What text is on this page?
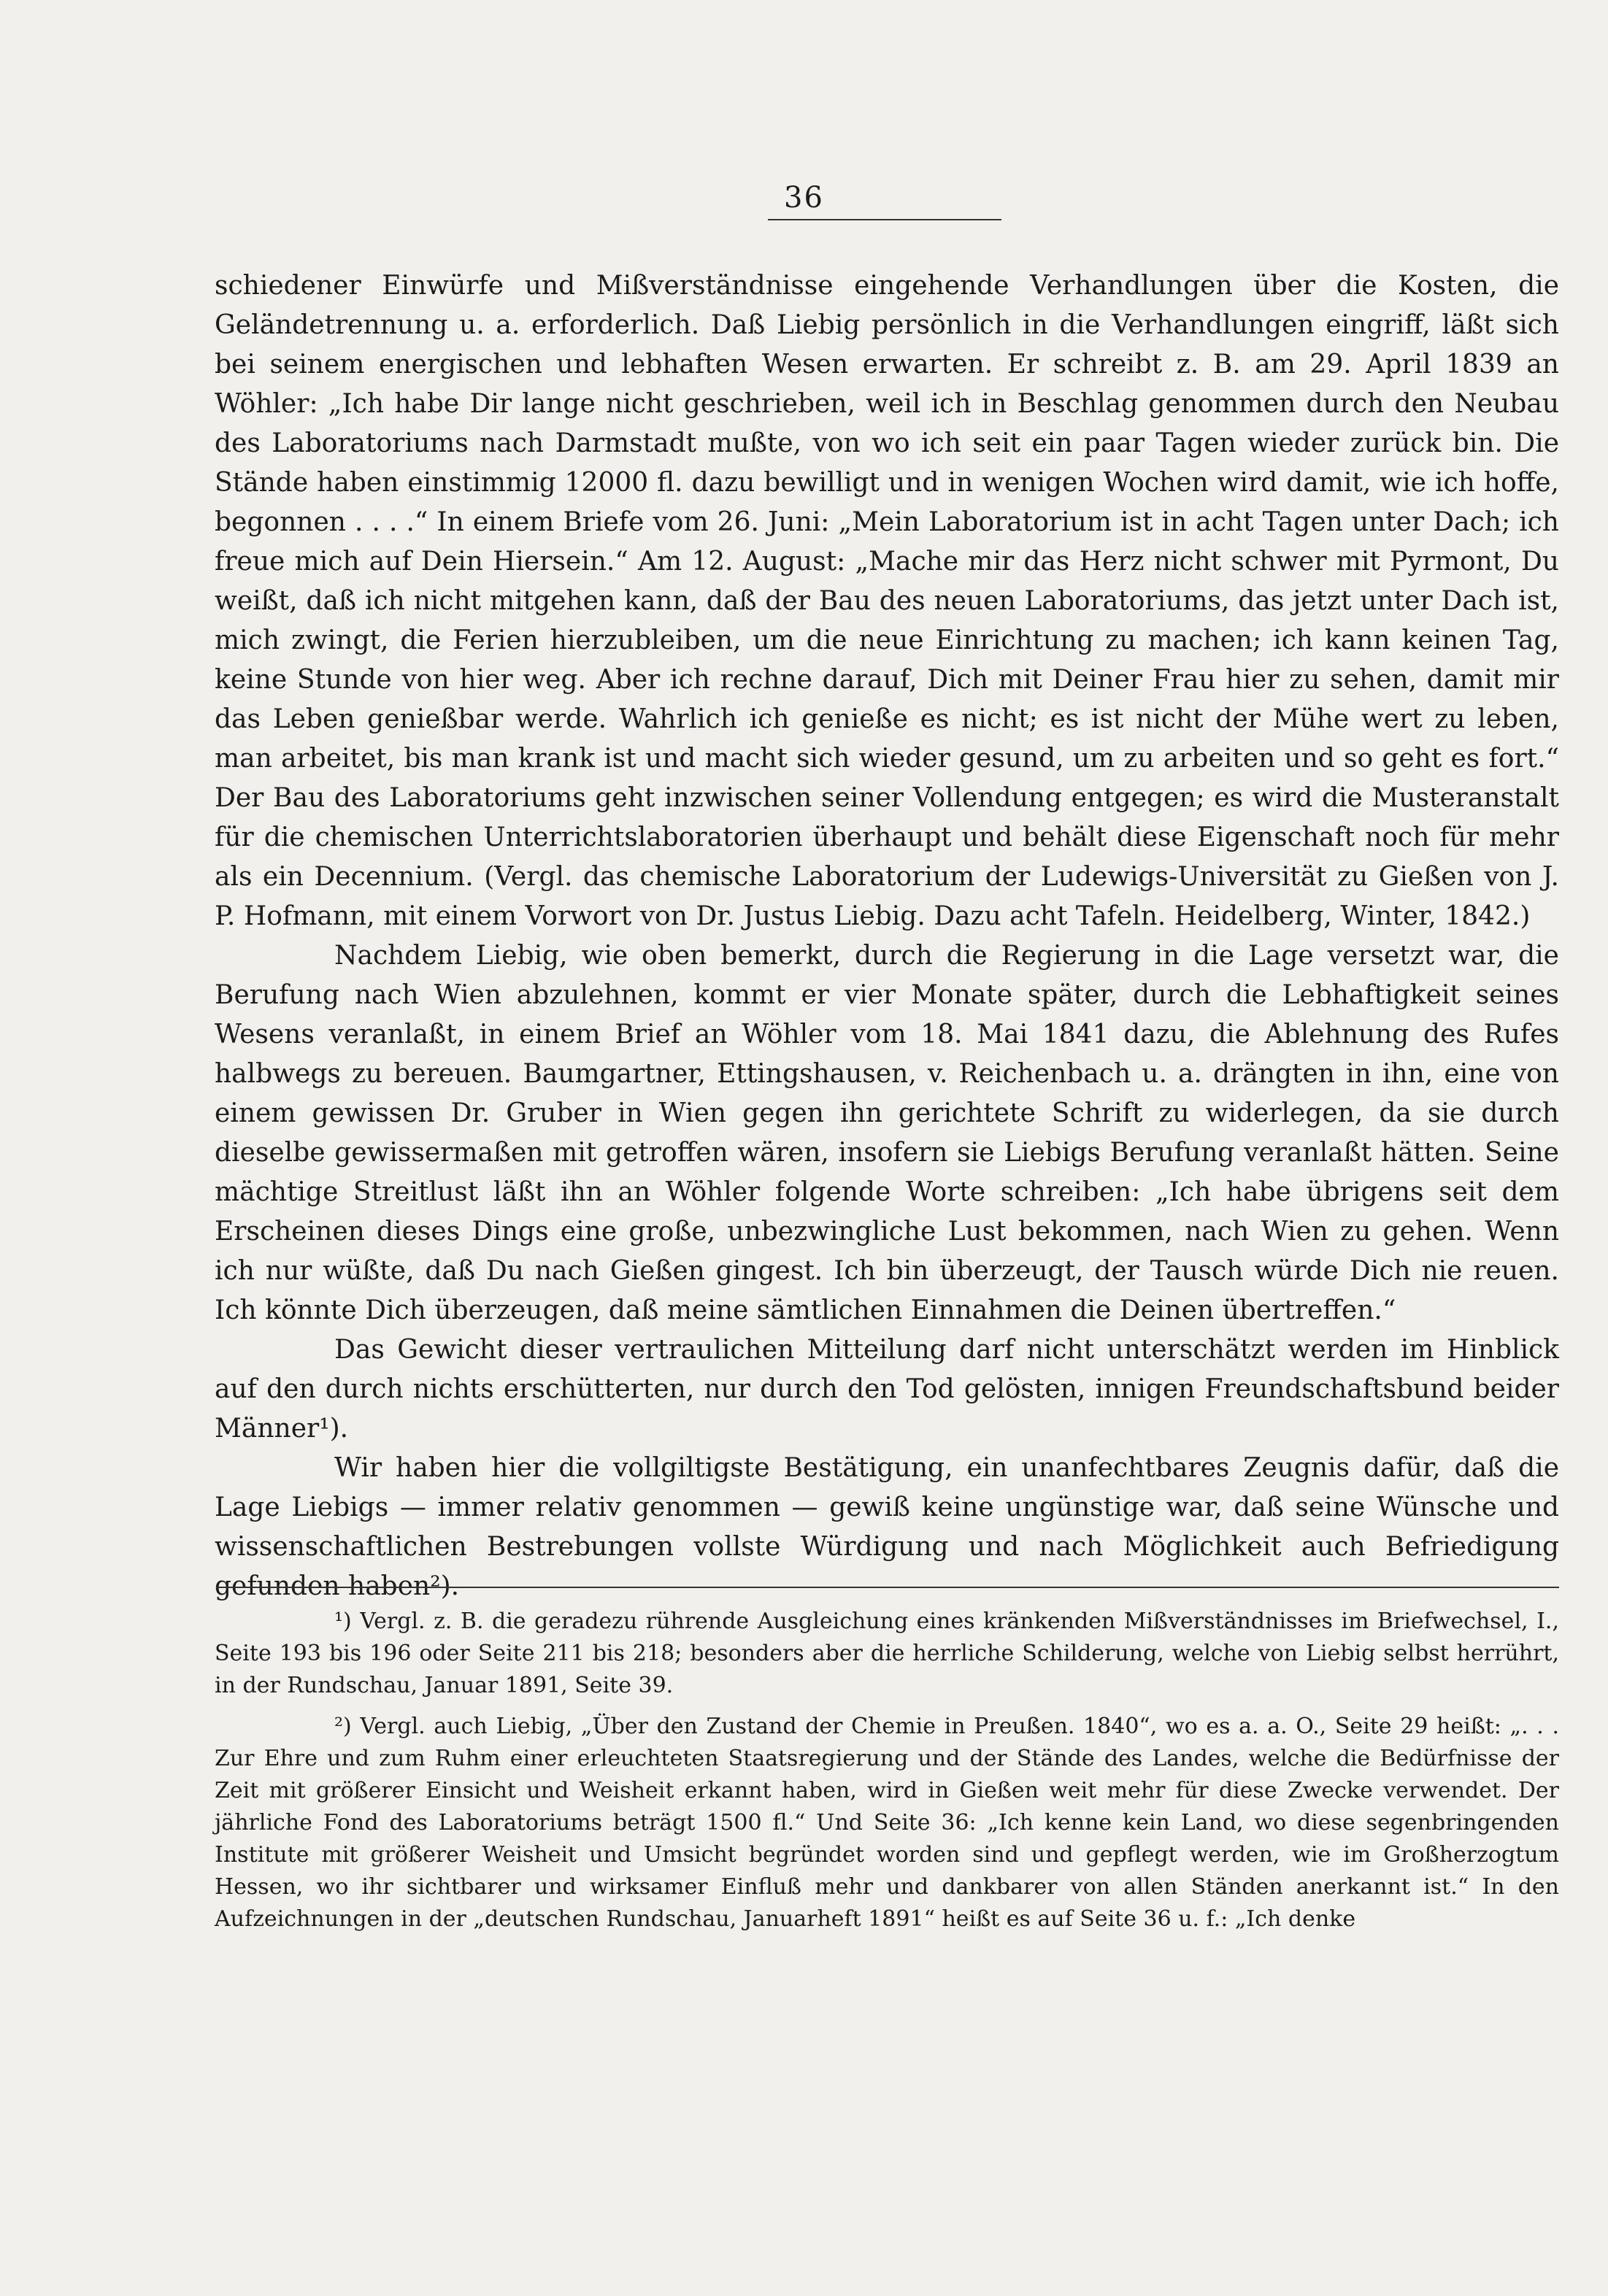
36

schiedener Einwürfe und Mißverständnisse eingehende Verhandlungen über die Kosten, die Geländetrennung u. a. erforderlich. Daß Liebig persönlich in die Verhandlungen eingriff, läßt sich bei seinem energischen und lebhaften Wesen erwarten. Er schreibt z. B. am 29. April 1839 an Wöhler: „Ich habe Dir lange nicht geschrieben, weil ich in Beschlag genommen durch den Neubau des Laboratoriums nach Darmstadt mußte, von wo ich seit ein paar Tagen wieder zurück bin. Die Stände haben einstimmig 12000 fl. dazu bewilligt und in wenigen Wochen wird damit, wie ich hoffe, begonnen . . . .“ In einem Briefe vom 26. Juni: „Mein Laboratorium ist in acht Tagen unter Dach; ich freue mich auf Dein Hiersein.“ Am 12. August: „Mache mir das Herz nicht schwer mit Pyrmont, Du weißt, daß ich nicht mitgehen kann, daß der Bau des neuen Laboratoriums, das jetzt unter Dach ist, mich zwingt, die Ferien hierzubleiben, um die neue Einrichtung zu machen; ich kann keinen Tag, keine Stunde von hier weg. Aber ich rechne darauf, Dich mit Deiner Frau hier zu sehen, damit mir das Leben genießbar werde. Wahrlich ich genieße es nicht; es ist nicht der Mühe wert zu leben, man arbeitet, bis man krank ist und macht sich wieder gesund, um zu arbeiten und so geht es fort.“ Der Bau des Laboratoriums geht inzwischen seiner Vollendung entgegen; es wird die Musteranstalt für die chemischen Unterrichtslaboratorien überhaupt und behält diese Eigenschaft noch für mehr als ein Decennium. (Vergl. das chemische Laboratorium der Ludewigs-Universität zu Gießen von J. P. Hofmann, mit einem Vorwort von Dr. Justus Liebig. Dazu acht Tafeln. Heidelberg, Winter, 1842.)

Nachdem Liebig, wie oben bemerkt, durch die Regierung in die Lage versetzt war, die Berufung nach Wien abzulehnen, kommt er vier Monate später, durch die Lebhaftigkeit seines Wesens veranlaßt, in einem Brief an Wöhler vom 18. Mai 1841 dazu, die Ablehnung des Rufes halbwegs zu bereuen. Baumgartner, Ettingshausen, v. Reichenbach u. a. drängten in ihn, eine von einem gewissen Dr. Gruber in Wien gegen ihn gerichtete Schrift zu widerlegen, da sie durch dieselbe gewissermaßen mit getroffen wären, insofern sie Liebigs Berufung veranlaßt hätten. Seine mächtige Streitlust läßt ihn an Wöhler folgende Worte schreiben: „Ich habe übrigens seit dem Erscheinen dieses Dings eine große, unbezwingliche Lust bekommen, nach Wien zu gehen. Wenn ich nur wüßte, daß Du nach Gießen gingest. Ich bin überzeugt, der Tausch würde Dich nie reuen. Ich könnte Dich überzeugen, daß meine sämtlichen Einnahmen die Deinen übertreffen.“

Das Gewicht dieser vertraulichen Mitteilung darf nicht unterschätzt werden im Hinblick auf den durch nichts erschütterten, nur durch den Tod gelösten, innigen Freundschaftsbund beider Männer¹).

Wir haben hier die vollgiltigste Bestätigung, ein unanfechtbares Zeugnis dafür, daß die Lage Liebigs — immer relativ genommen — gewiß keine ungünstige war, daß seine Wünsche und wissenschaftlichen Bestrebungen vollste Würdigung und nach Möglichkeit auch Befriedigung gefunden haben²).

¹) Vergl. z. B. die geradezu rührende Ausgleichung eines kränkenden Mißverständnisses im Briefwechsel, I., Seite 193 bis 196 oder Seite 211 bis 218; besonders aber die herrliche Schilderung, welche von Liebig selbst herrührt, in der Rundschau, Januar 1891, Seite 39.

²) Vergl. auch Liebig, „Über den Zustand der Chemie in Preußen. 1840“, wo es a. a. O., Seite 29 heißt: „. . . Zur Ehre und zum Ruhm einer erleuchteten Staatsregierung und der Stände des Landes, welche die Bedürfnisse der Zeit mit größerer Einsicht und Weisheit erkannt haben, wird in Gießen weit mehr für diese Zwecke verwendet. Der jährliche Fond des Laboratoriums beträgt 1500 fl.“ Und Seite 36: „Ich kenne kein Land, wo diese segenbringenden Institute mit größerer Weisheit und Umsicht begründet worden sind und gepflegt werden, wie im Großherzogtum Hessen, wo ihr sichtbarer und wirksamer Einfluß mehr und dankbarer von allen Ständen anerkannt ist.“ In den Aufzeichnungen in der „deutschen Rundschau, Januarheft 1891“ heißt es auf Seite 36 u. f.: „Ich denke
